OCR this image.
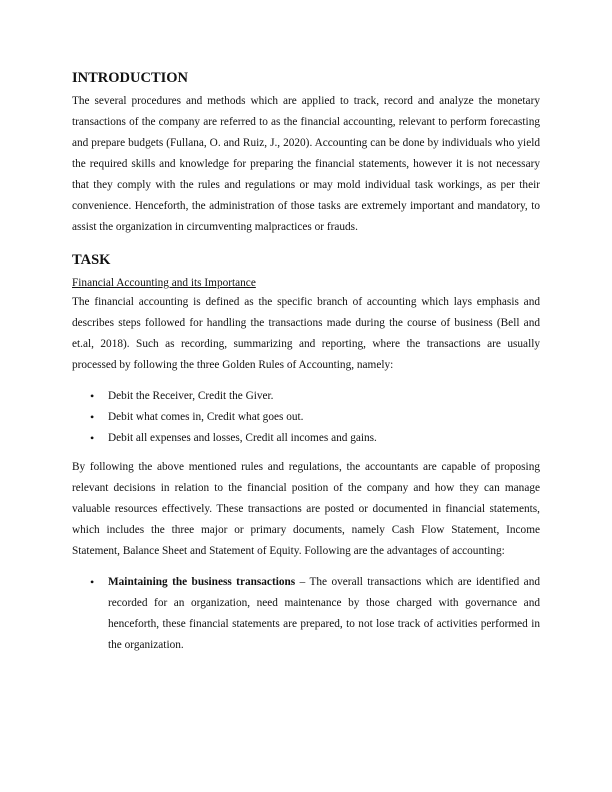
INTRODUCTION

The several procedures and methods which are applied to track, record and analyze the monetary transactions of the company are referred to as the financial accounting, relevant to perform forecasting and prepare budgets (Fullana, O. and Ruiz, J., 2020). Accounting can be done by individuals who yield the required skills and knowledge for preparing the financial statements, however it is not necessary that they comply with the rules and regulations or may mold individual task workings, as per their convenience. Henceforth, the administration of those tasks are extremely important and mandatory, to assist the organization in circumventing malpractices or frauds.

TASK
Financial Accounting and its Importance

The financial accounting is defined as the specific branch of accounting which lays emphasis and describes steps followed for handling the transactions made during the course of business (Bell and et.al, 2018). Such as recording, summarizing and reporting, where the transactions are usually processed by following the three Golden Rules of Accounting, namely:

• Debit the Receiver, Credit the Giver.
• Debit what comes in, Credit what goes out.
• Debit all expenses and losses, Credit all incomes and gains.

By following the above mentioned rules and regulations, the accountants are capable of proposing relevant decisions in relation to the financial position of the company and how they can manage valuable resources effectively. These transactions are posted or documented in financial statements, which includes the three major or primary documents, namely Cash Flow Statement, Income Statement, Balance Sheet and Statement of Equity. Following are the advantages of accounting:

• Maintaining the business transactions – The overall transactions which are identified and recorded for an organization, need maintenance by those charged with governance and henceforth, these financial statements are prepared, to not lose track of activities performed in the organization.
